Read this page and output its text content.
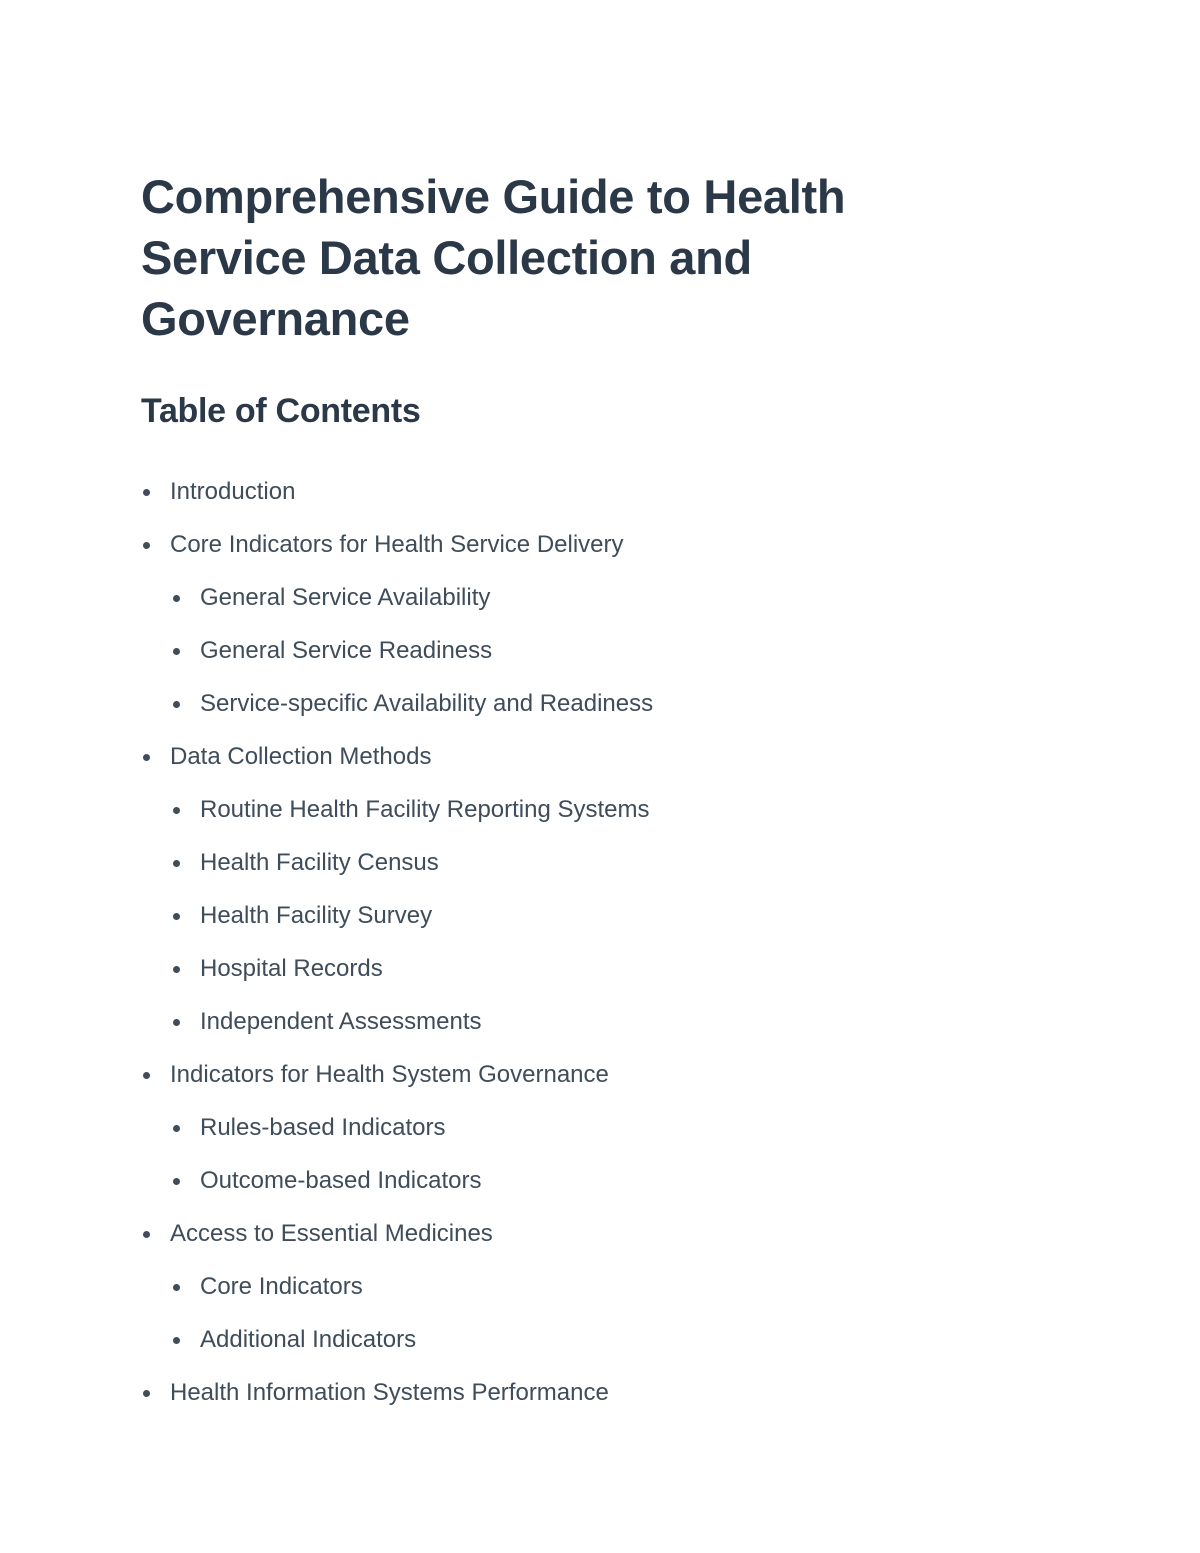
Comprehensive Guide to Health Service Data Collection and Governance
Table of Contents
Introduction
Core Indicators for Health Service Delivery
General Service Availability
General Service Readiness
Service-specific Availability and Readiness
Data Collection Methods
Routine Health Facility Reporting Systems
Health Facility Census
Health Facility Survey
Hospital Records
Independent Assessments
Indicators for Health System Governance
Rules-based Indicators
Outcome-based Indicators
Access to Essential Medicines
Core Indicators
Additional Indicators
Health Information Systems Performance
